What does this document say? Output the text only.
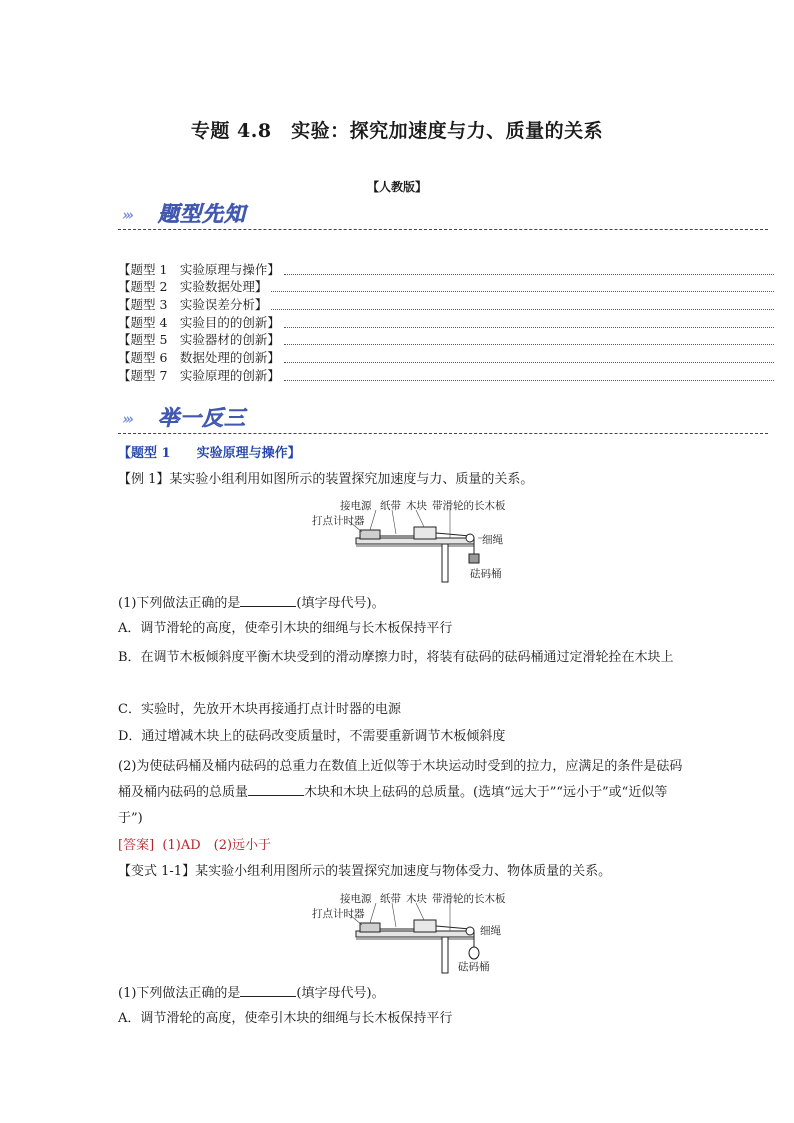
专题 4.8　实验：探究加速度与力、质量的关系
【人教版】
››› 题型先知
【题型 1　实验原理与操作】
【题型 2　实验数据处理】
【题型 3　实验误差分析】
【题型 4　实验目的的创新】
【题型 5　实验器材的创新】
【题型 6　数据处理的创新】
【题型 7　实验原理的创新】
››› 举一反三
【题型 1　　实验原理与操作】
【例 1】某实验小组利用如图所示的装置探究加速度与力、质量的关系。
接电源 纸带 木块 带滑轮的长木板
打点计时器
细绳
砝码桶
(1)下列做法正确的是	(填字母代号)。
A．调节滑轮的高度，使牵引木块的细绳与长木板保持平行
B．在调节木板倾斜度平衡木块受到的滑动摩擦力时，将装有砝码的砝码桶通过定滑轮拴在木块上
C．实验时，先放开木块再接通打点计时器的电源
D．通过增减木块上的砝码改变质量时，不需要重新调节木板倾斜度
(2)为使砝码桶及桶内砝码的总重力在数值上近似等于木块运动时受到的拉力，应满足的条件是砝码桶及桶内砝码的总质量	木块和木块上砝码的总质量。(选填“远大于”“远小于”或“近似等于”)
[答案] (1)AD　(2)远小于
【变式 1-1】某实验小组利用图所示的装置探究加速度与物体受力、物体质量的关系。
接电源 纸带 木块 带滑轮的长木板
打点计时器
细绳
砝码桶
(1)下列做法正确的是	(填字母代号)。
A．调节滑轮的高度，使牵引木块的细绳与长木板保持平行
